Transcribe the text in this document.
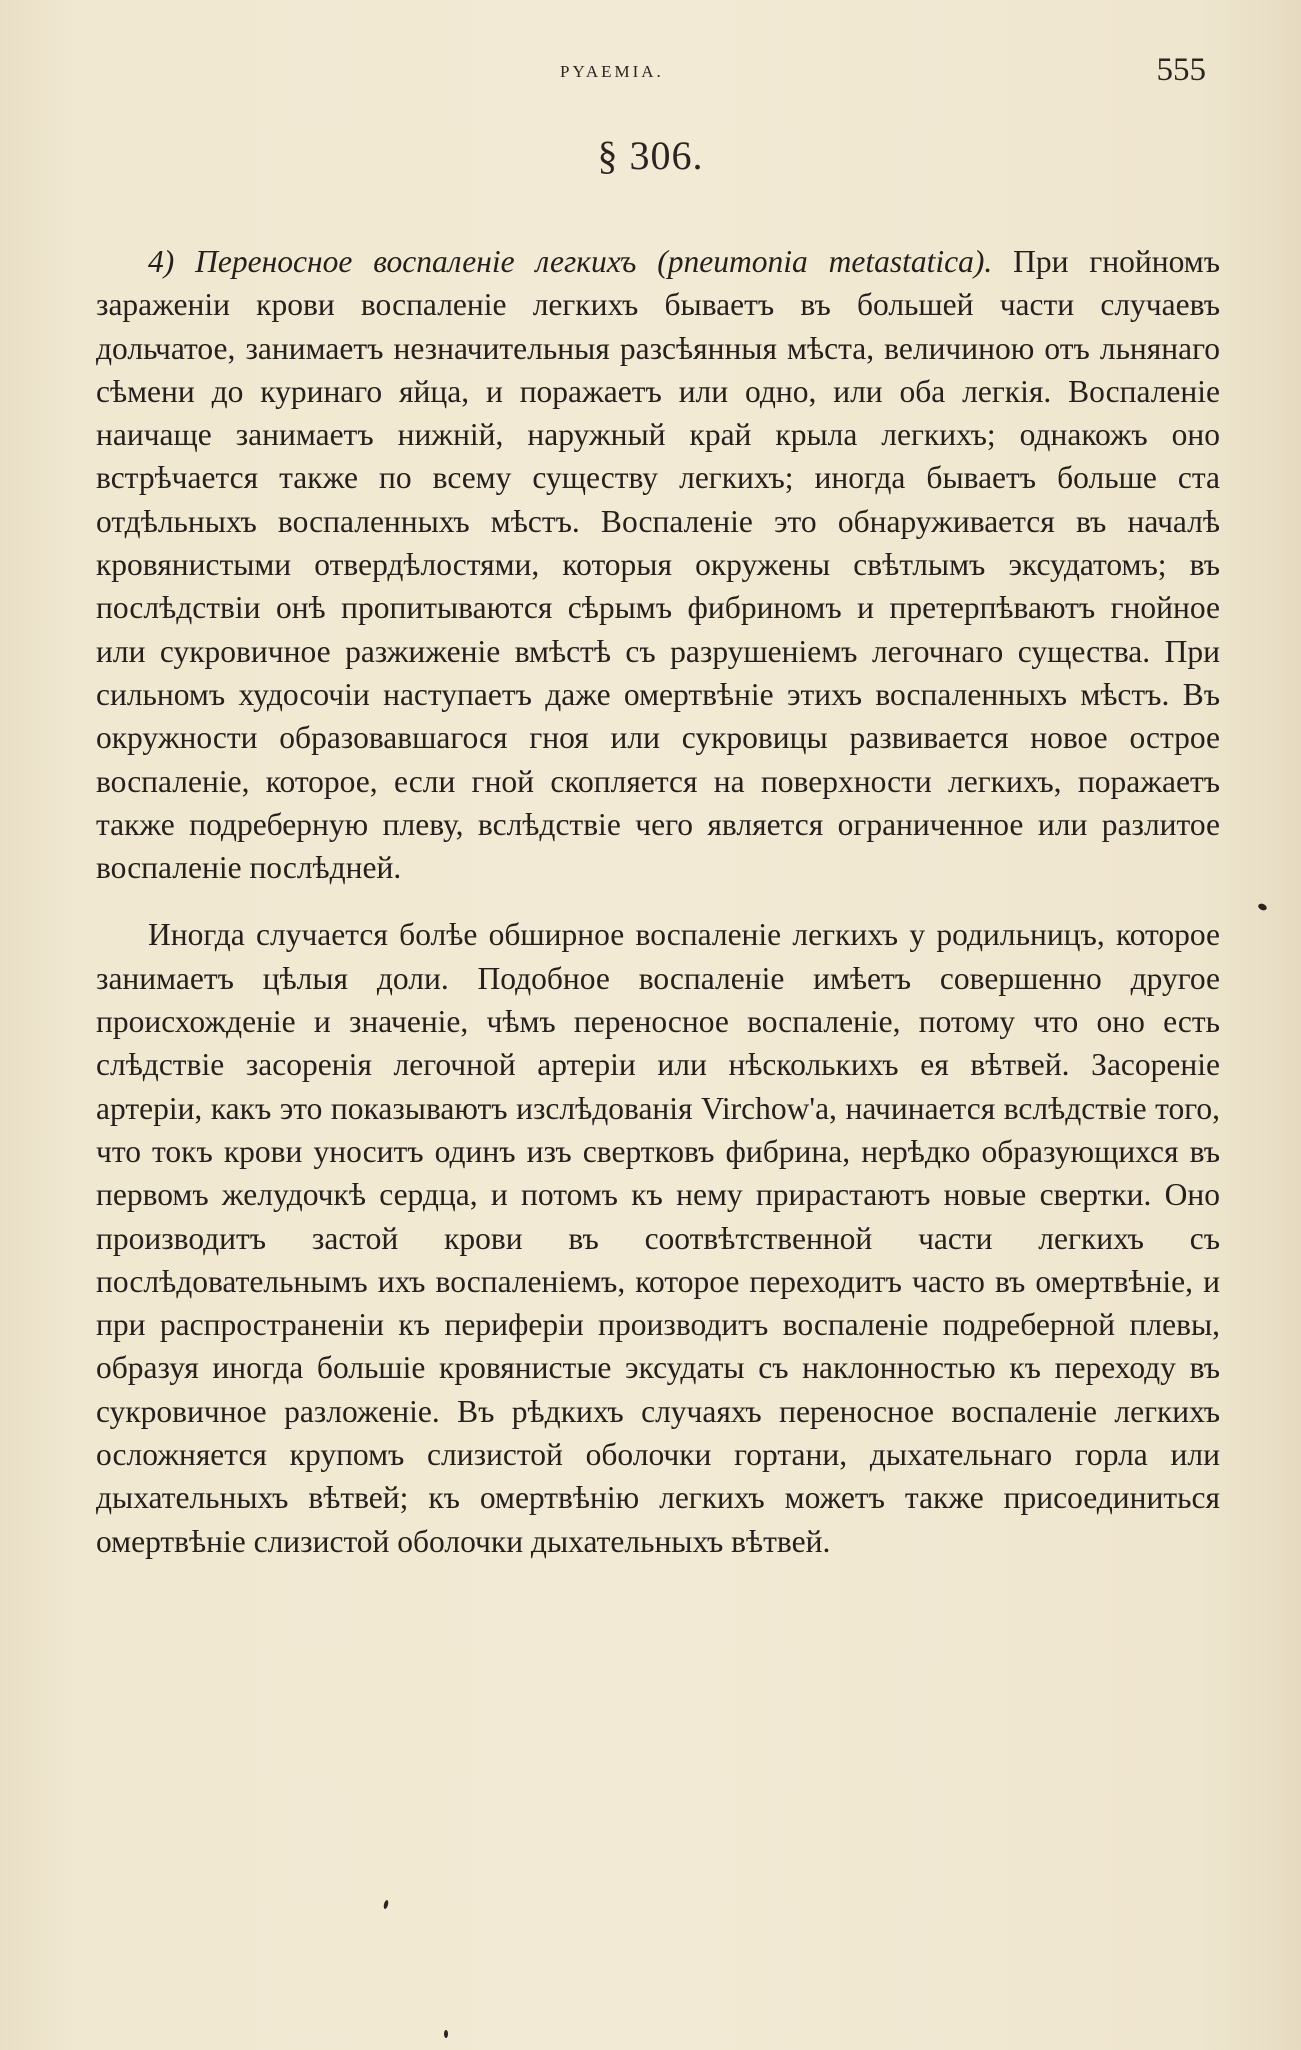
PYAEMIA.	555
§ 306.

4) Переносное воспаленіе легкихъ (pneumonia metastatica). При гнойномъ зараженіи крови воспаленіе легкихъ бываетъ въ большей части случаевъ дольчатое, занимаетъ незначительныя разсѣянныя мѣста, величиною отъ льнянаго сѣмени до куринаго яйца, и поражаетъ или одно, или оба легкія. Воспаленіе наичаще занимаетъ нижній, наружный край крыла легкихъ; однакожъ оно встрѣчается также по всему существу легкихъ; иногда бываетъ больше ста отдѣльныхъ воспаленныхъ мѣстъ. Воспаленіе это обнаруживается въ началѣ кровянистыми отвердѣлостями, которыя окружены свѣтлымъ эксудатомъ; въ послѣдствіи онѣ пропитываются сѣрымъ фибриномъ и претерпѣваютъ гнойное или сукровичное разжиженіе вмѣстѣ съ разрушеніемъ легочнаго существа. При сильномъ худосочіи наступаетъ даже омертвѣніе этихъ воспаленныхъ мѣстъ. Въ окружности образовавшагося гноя или сукровицы развивается новое острое воспаленіе, которое, если гной скопляется на поверхности легкихъ, поражаетъ также подреберную плеву, вслѣдствіе чего является ограниченное или разлитое воспаленіе послѣдней.

Иногда случается болѣе обширное воспаленіе легкихъ у родильницъ, которое занимаетъ цѣлыя доли. Подобное воспаленіе имѣетъ совершенно другое происхожденіе и значеніе, чѣмъ переносное воспаленіе, потому что оно есть слѣдствіе засоренія легочной артеріи или нѣсколькихъ ея вѣтвей. Засореніе артеріи, какъ это показываютъ изслѣдованія Virchow'а, начинается вслѣдствіе того, что токъ крови уноситъ одинъ изъ свертковъ фибрина, нерѣдко образующихся въ первомъ желудочкѣ сердца, и потомъ къ нему прирастаютъ новые свертки. Оно производитъ застой крови въ соотвѣтственной части легкихъ съ послѣдовательнымъ ихъ воспаленіемъ, которое переходитъ часто въ омертвѣніе, и при распространеніи къ периферіи производитъ воспаленіе подреберной плевы, образуя иногда большіе кровянистые эксудаты съ наклонностью къ переходу въ сукровичное разложеніе. Въ рѣдкихъ случаяхъ переносное воспаленіе легкихъ осложняется крупомъ слизистой оболочки гортани, дыхательнаго горла или дыхательныхъ вѣтвей; къ омертвѣнію легкихъ можетъ также присоединиться омертвѣніе слизистой оболочки дыхательныхъ вѣтвей.
